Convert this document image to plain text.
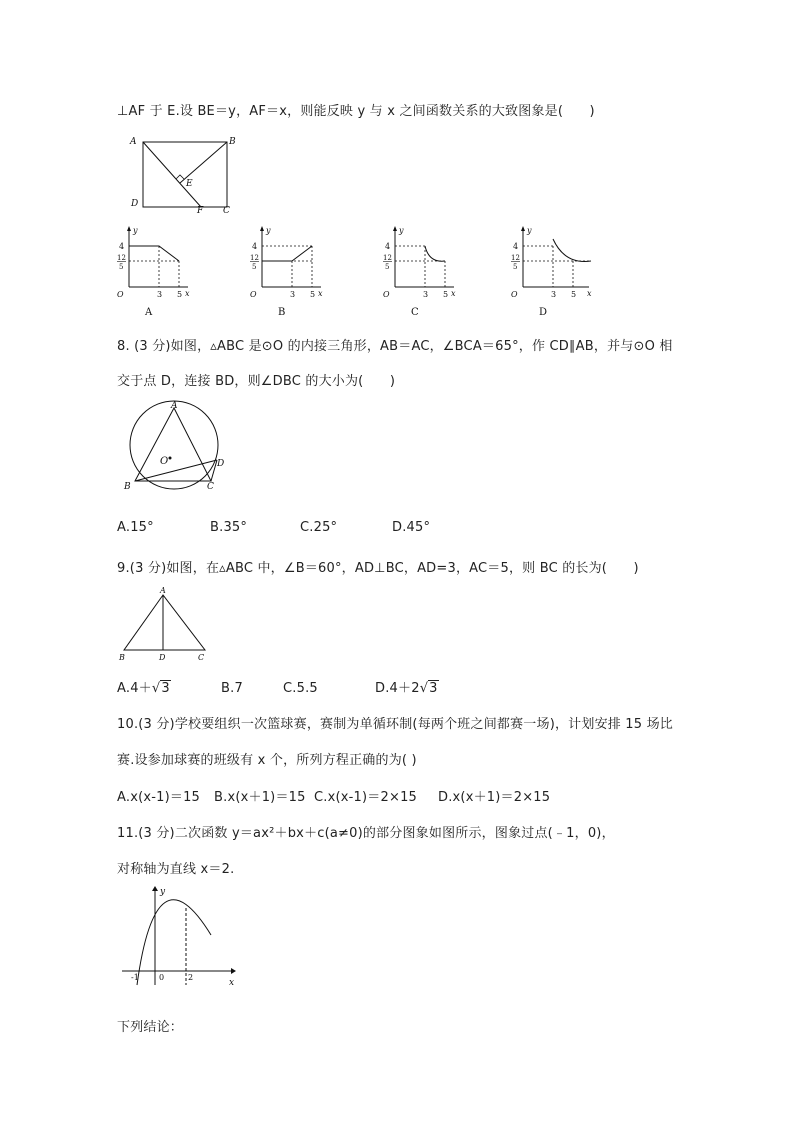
⊥AF 于 E.设 BE＝y，AF＝x，则能反映 y 与 x 之间函数关系的大致图象是(　　)
A	B
C
D
E
F
y
x
O
4
12
5
3 5
A
y
x
O
4
12
5
3 5
B
y
x
O
4
12
5
3 5
C
y
x
O
4
12
5
3 5
D
8. (3 分)如图，▵ABC 是⊙O 的内接三角形，AB＝AC，∠BCA＝65°，作 CD∥AB，并与⊙O 相
交于点 D，连接 BD，则∠DBC 的大小为(　　)
A
B	C
D
O
A.15°	B.35°	C.25°	D.45°
9.(3 分)如图，在▵ABC 中，∠B＝60°，AD⊥BC，AD=3，AC＝5，则 BC 的长为(　　)
A
B	D	C
A.4＋√3	B.7	C.5.5	D.4＋2√3
10.(3 分)学校要组织一次篮球赛，赛制为单循环制(每两个班之间都赛一场)，计划安排 15 场比
赛.设参加球赛的班级有 x 个，所列方程正确的为( )
A.x(x-1)＝15 B.x(x＋1)＝15 C.x(x-1)＝2×15 D.x(x＋1)＝2×15
11.(3 分)二次函数 y＝ax²＋bx＋c(a≠0)的部分图象如图所示，图象过点(﹣1，0)，
对称轴为直线 x＝2.
y
x
-1	0	2
下列结论：
